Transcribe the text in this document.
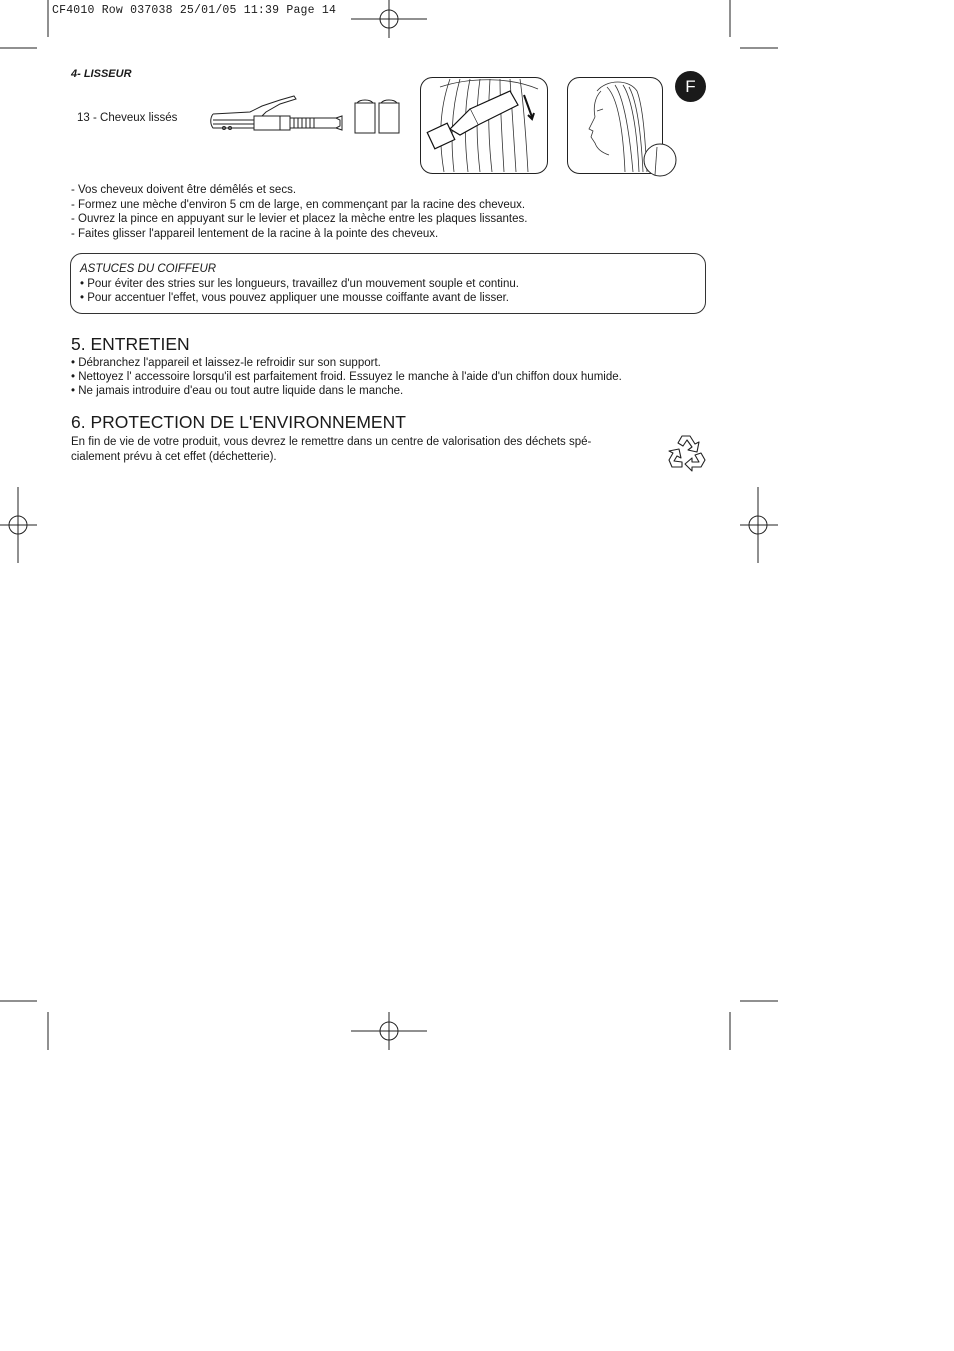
CF4010 Row 037038 25/01/05 11:39 Page 14
4- LISSEUR
13 - Cheveux lissés
F
- Vos cheveux doivent être démêlés et secs.
- Formez une mèche d'environ 5 cm de large, en commençant par la racine des cheveux.
- Ouvrez la pince en appuyant sur le levier et placez la mèche entre les plaques lissantes.
- Faites glisser l'appareil lentement de la racine à la pointe des cheveux.
ASTUCES DU COIFFEUR
• Pour éviter des stries sur les longueurs, travaillez d'un mouvement souple et continu.
• Pour accentuer l'effet, vous pouvez appliquer une mousse coiffante avant de lisser.
5. ENTRETIEN
• Débranchez l'appareil et laissez-le refroidir sur son support.
• Nettoyez l' accessoire lorsqu'il est parfaitement froid. Essuyez le manche à l'aide d'un chiffon doux humide.
• Ne jamais introduire d'eau ou tout autre liquide dans le manche.
6. PROTECTION DE L'ENVIRONNEMENT

En fin de vie de votre produit, vous devrez le remettre dans un centre de valorisation des déchets spé-
cialement prévu à cet effet (déchetterie).
